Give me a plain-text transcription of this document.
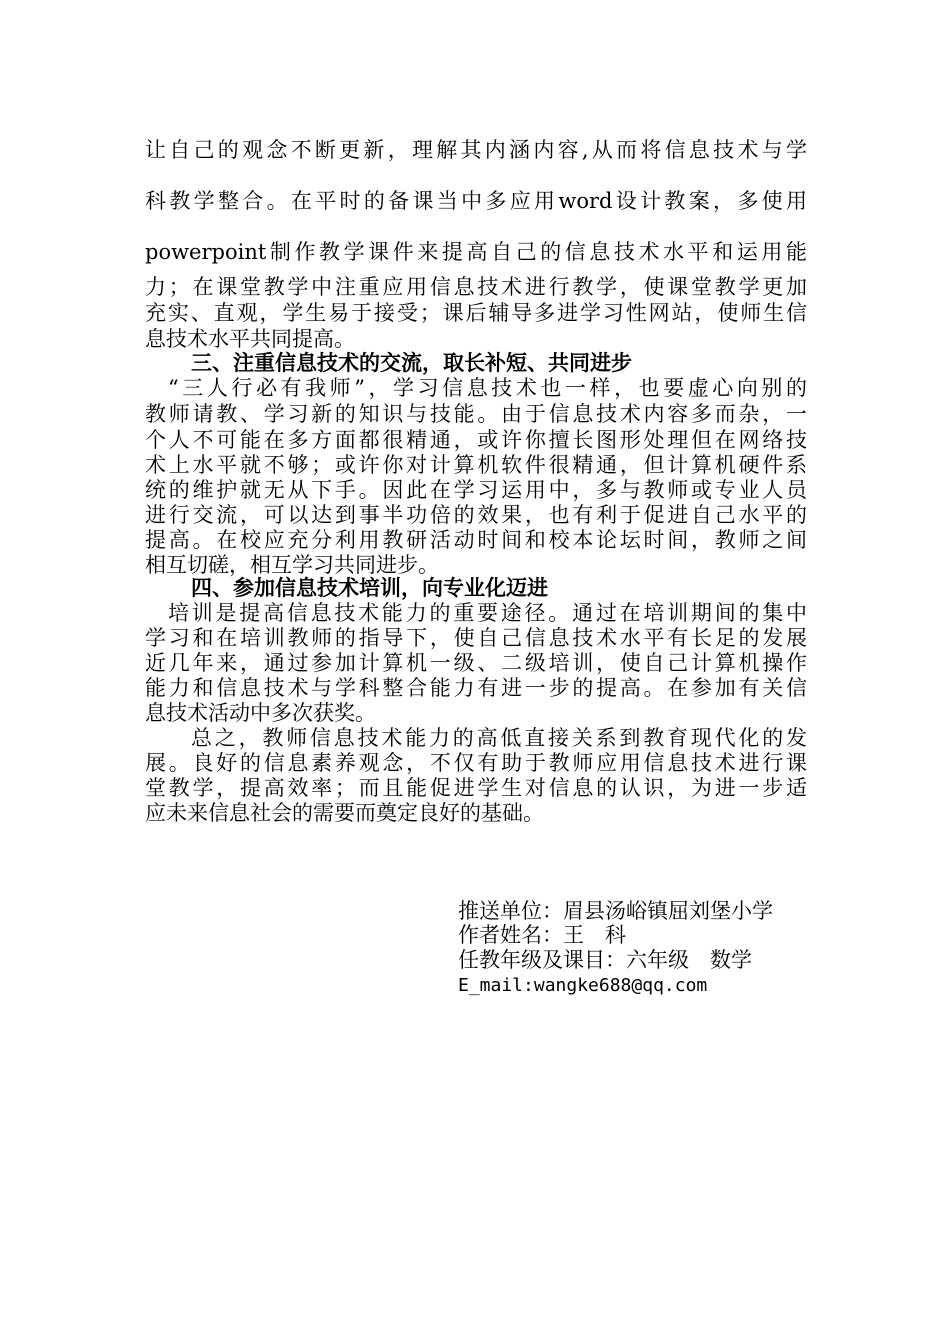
让自己的观念不断更新，理解其内涵内容,从而将信息技术与学
科教学整合。在平时的备课当中多应用word设计教案，多使用
powerpoint制作教学课件来提高自己的信息技术水平和运用能
力；在课堂教学中注重应用信息技术进行教学，使课堂教学更加
充实、直观，学生易于接受；课后辅导多进学习性网站，使师生信
息技术水平共同提高。
三、注重信息技术的交流，取长补短、共同进步
“三人行必有我师”，学习信息技术也一样，也要虚心向别的
教师请教、学习新的知识与技能。由于信息技术内容多而杂，一
个人不可能在多方面都很精通，或许你擅长图形处理但在网络技
术上水平就不够；或许你对计算机软件很精通，但计算机硬件系
统的维护就无从下手。因此在学习运用中，多与教师或专业人员
进行交流，可以达到事半功倍的效果，也有利于促进自己水平的
提高。在校应充分利用教研活动时间和校本论坛时间，教师之间
相互切磋，相互学习共同进步。
四、参加信息技术培训，向专业化迈进
培训是提高信息技术能力的重要途径。通过在培训期间的集中
学习和在培训教师的指导下，使自己信息技术水平有长足的发展
近几年来，通过参加计算机一级、二级培训，使自己计算机操作
能力和信息技术与学科整合能力有进一步的提高。在参加有关信
息技术活动中多次获奖。
总之，教师信息技术能力的高低直接关系到教育现代化的发
展。良好的信息素养观念，不仅有助于教师应用信息技术进行课
堂教学，提高效率；而且能促进学生对信息的认识，为进一步适
应未来信息社会的需要而奠定良好的基础。
推送单位：眉县汤峪镇屈刘堡小学
作者姓名：王　科
任教年级及课目：六年级　数学
E_mail:wangke688@qq.com
